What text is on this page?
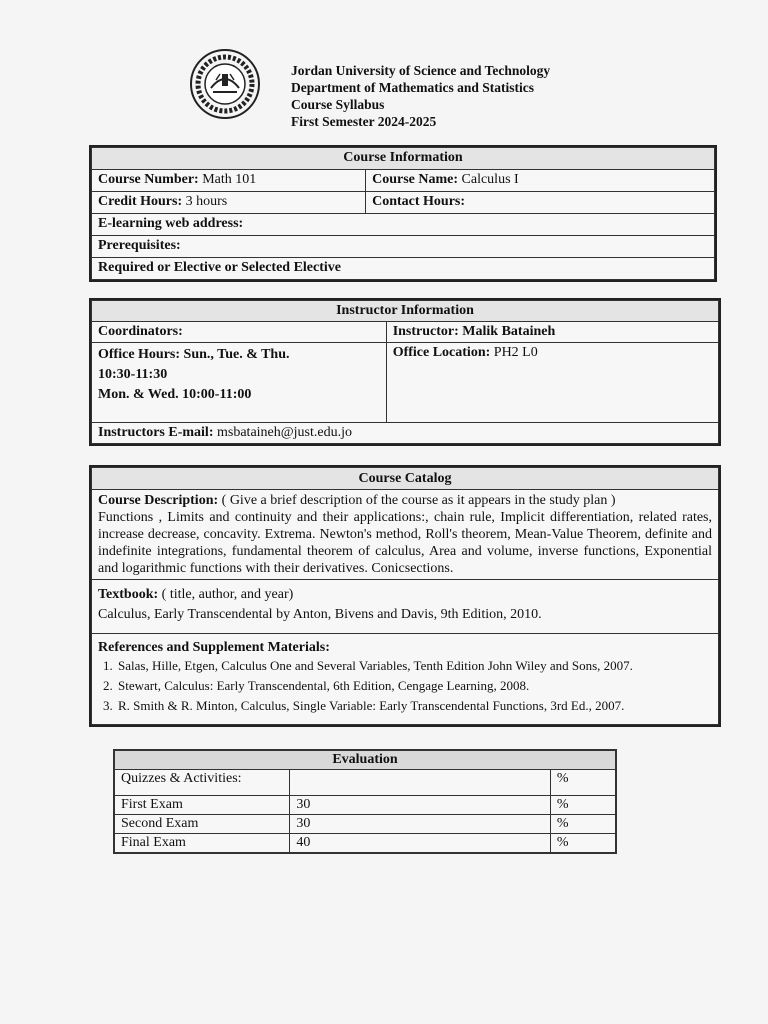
Jordan University of Science and Technology
Department of Mathematics and Statistics
Course Syllabus
First Semester 2024-2025
Course Information	
Course Number: Math 101	Course Name: Calculus I
Credit Hours: 3 hours	Contact Hours:
E-learning web address:	
Prerequisites:	
Required or Elective or Selected Elective	
Instructor Information	
Coordinators:	Instructor: Malik Bataineh

Office Hours: Sun., Tue. & Thu.
10:30-11:30
Mon. & Wed. 10:00-11:00	Office Location: PH2 L0
Instructors E-mail: msbataineh@just.edu.jo	
Course Catalog

Course Description: ( Give a brief description of the course as it appears in the study plan )
Functions , Limits and continuity and their applications:, chain rule, Implicit differentiation, related rates, increase decrease, concavity. Extrema. Newton's method, Roll's theorem, Mean-Value Theorem, definite and indefinite integrations, fundamental theorem of calculus, Area and volume, inverse functions, Exponential and logarithmic functions with their derivatives. Conicsections.

Textbook: ( title, author, and year)
Calculus, Early Transcendental by Anton, Bivens and Davis, 9th Edition, 2010.

References and Supplement Materials:
1. Salas, Hille, Etgen, Calculus One and Several Variables, Tenth Edition John Wiley and Sons, 2007.
2. Stewart, Calculus: Early Transcendental, 6th Edition, Cengage Learning, 2008.
3. R. Smith & R. Minton, Calculus, Single Variable: Early Transcendental Functions, 3rd Ed., 2007.
Evaluation		
Quizzes & Activities:		%
First Exam	30	%
Second Exam	30	%
Final Exam	40	%
